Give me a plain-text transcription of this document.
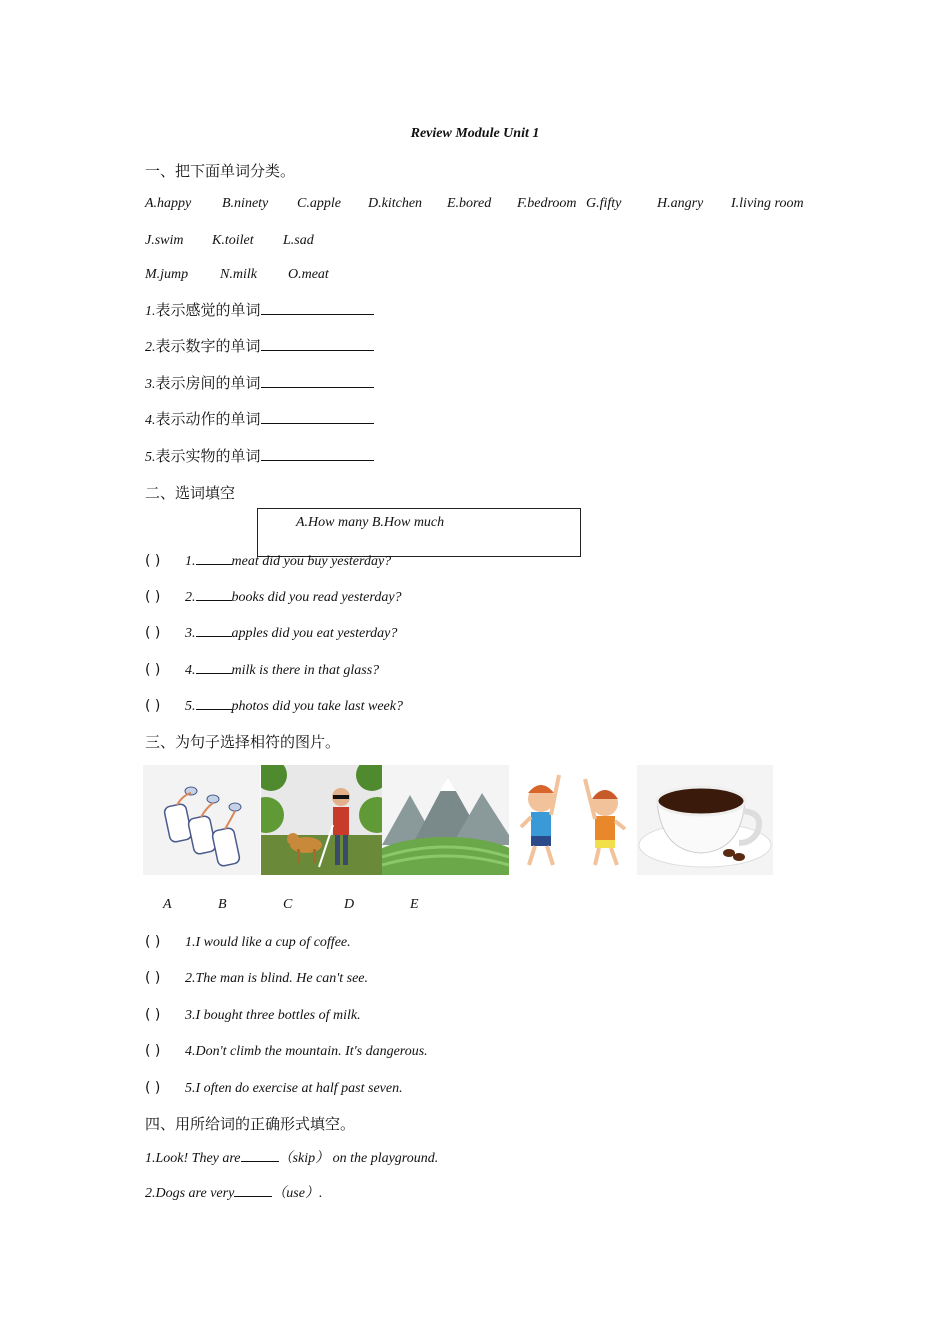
Review Module Unit 1
一、把下面单词分类。
A.happy B.ninety C.apple D.kitchen E.bored F.bedroom G.fifty	H.angry I.living room
J.swim K.toilet L.sad
M.jump N.milk O.meat
1.表示感觉的单词
2.表示数字的单词
3.表示房间的单词
4.表示动作的单词
5.表示实物的单词
二、选词填空
A.How many B.How much
( ) 1.	meat did you buy yesterday?
( ) 2.	books did you read yesterday?
( ) 3.	apples did you eat yesterday?
( ) 4.	milk is there in that glass?
( ) 5.	photos did you take last week?
三、为句子选择相符的图片。
A	B	C	D	E
( ) 1.I would like a cup of coffee.
( ) 2.The man is blind. He can't see.
( ) 3.I bought three bottles of milk.
( ) 4.Don't climb the mountain. It's dangerous.
( ) 5.I often do exercise at half past seven.
四、用所给词的正确形式填空。
1.Look! They are	（skip） on the playground.
2.Dogs are very	（use）.
